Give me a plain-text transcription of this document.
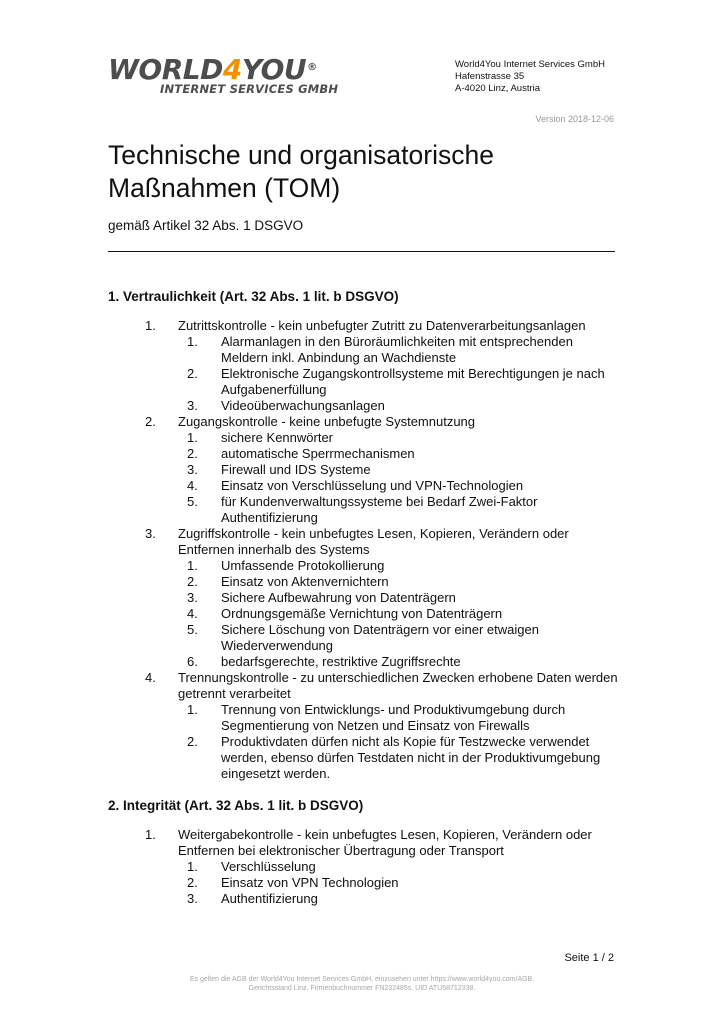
WORLD4YOU®
INTERNET SERVICES GMBH
World4You Internet Services GmbH
Hafenstrasse 35
A-4020 Linz, Austria
Version 2018-12-06
Technische und organisatorische
Maßnahmen (TOM)
gemäß Artikel 32 Abs. 1 DSGVO
1. Vertraulichkeit (Art. 32 Abs. 1 lit. b DSGVO)
1. Zutrittskontrolle - kein unbefugter Zutritt zu Datenverarbeitungsanlagen
1. Alarmanlagen in den Büroräumlichkeiten mit entsprechenden Meldern inkl. Anbindung an Wachdienste
2. Elektronische Zugangskontrollsysteme mit Berechtigungen je nach Aufgabenerfüllung
3. Videoüberwachungsanlagen
2. Zugangskontrolle - keine unbefugte Systemnutzung
1. sichere Kennwörter
2. automatische Sperrmechanismen
3. Firewall und IDS Systeme
4. Einsatz von Verschlüsselung und VPN-Technologien
5. für Kundenverwaltungssysteme bei Bedarf Zwei-Faktor Authentifizierung
3. Zugriffskontrolle - kein unbefugtes Lesen, Kopieren, Verändern oder Entfernen innerhalb des Systems
1. Umfassende Protokollierung
2. Einsatz von Aktenvernichtern
3. Sichere Aufbewahrung von Datenträgern
4. Ordnungsgemäße Vernichtung von Datenträgern
5. Sichere Löschung von Datenträgern vor einer etwaigen Wiederverwendung
6. bedarfsgerechte, restriktive Zugriffsrechte
4. Trennungskontrolle - zu unterschiedlichen Zwecken erhobene Daten werden getrennt verarbeitet
1. Trennung von Entwicklungs- und Produktivumgebung durch Segmentierung von Netzen und Einsatz von Firewalls
2. Produktivdaten dürfen nicht als Kopie für Testzwecke verwendet werden, ebenso dürfen Testdaten nicht in der Produktivumgebung eingesetzt werden.
2. Integrität (Art. 32 Abs. 1 lit. b DSGVO)
1. Weitergabekontrolle - kein unbefugtes Lesen, Kopieren, Verändern oder Entfernen bei elektronischer Übertragung oder Transport
1. Verschlüsselung
2. Einsatz von VPN Technologien
3. Authentifizierung
Seite 1 / 2
Es gelten die AGB der World4You Internet Services GmbH, einzusehen unter https://www.world4you.com/AGB.
Gerichtsstand Linz. Firmenbuchnummer FN232485s. UID ATU58712338.
